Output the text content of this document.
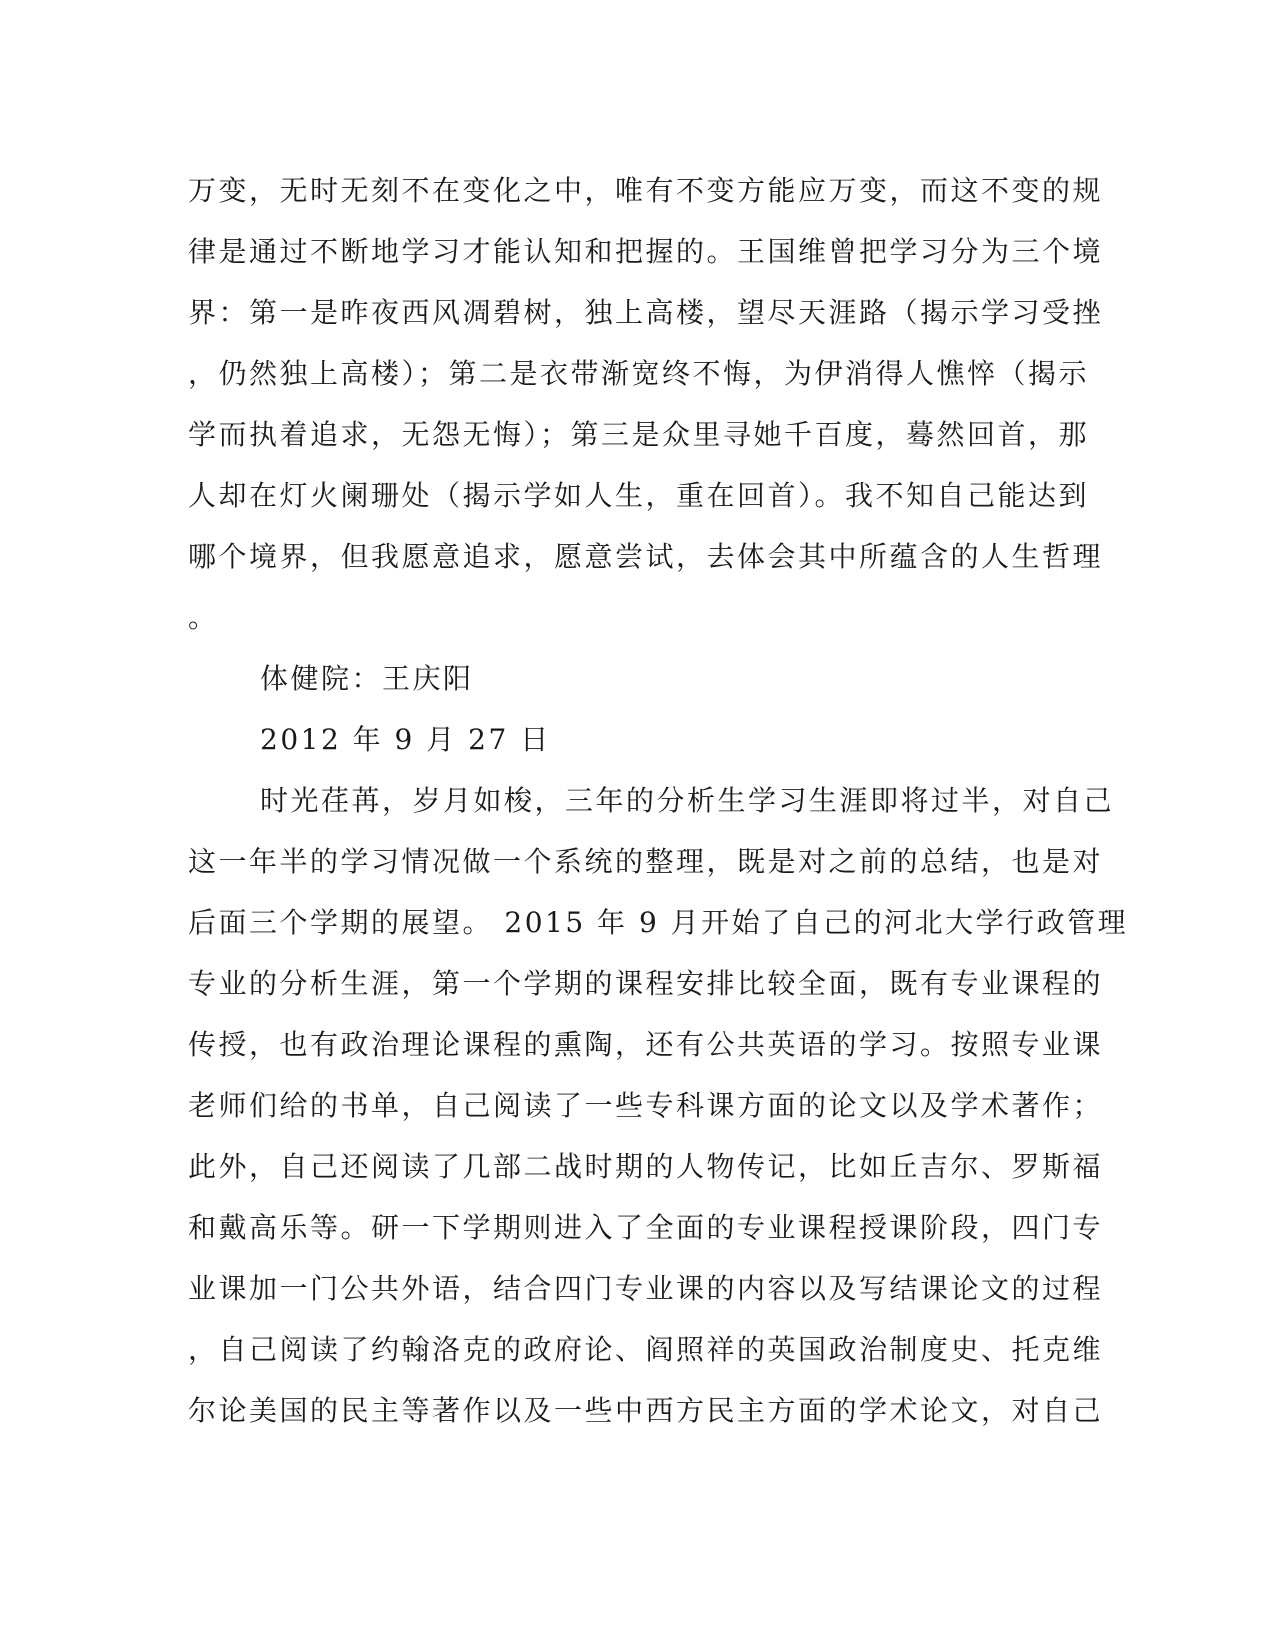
万变，无时无刻不在变化之中，唯有不变方能应万变，而这不变的规
律是通过不断地学习才能认知和把握的。王国维曾把学习分为三个境
界：第一是昨夜西风凋碧树，独上高楼，望尽天涯路（揭示学习受挫
，仍然独上高楼）；第二是衣带渐宽终不悔，为伊消得人憔悴（揭示
学而执着追求，无怨无悔）；第三是众里寻她千百度，蓦然回首，那
人却在灯火阑珊处（揭示学如人生，重在回首）。我不知自己能达到
哪个境界，但我愿意追求，愿意尝试，去体会其中所蕴含的人生哲理
。
体健院：王庆阳
2012 年 9 月 27 日
时光荏苒，岁月如梭，三年的分析生学习生涯即将过半，对自己
这一年半的学习情况做一个系统的整理，既是对之前的总结，也是对
后面三个学期的展望。 2015 年 9 月开始了自己的河北大学行政管理
专业的分析生涯，第一个学期的课程安排比较全面，既有专业课程的
传授，也有政治理论课程的熏陶，还有公共英语的学习。按照专业课
老师们给的书单，自己阅读了一些专科课方面的论文以及学术著作；
此外，自己还阅读了几部二战时期的人物传记，比如丘吉尔、罗斯福
和戴高乐等。研一下学期则进入了全面的专业课程授课阶段，四门专
业课加一门公共外语，结合四门专业课的内容以及写结课论文的过程
，自己阅读了约翰洛克的政府论、阎照祥的英国政治制度史、托克维
尔论美国的民主等著作以及一些中西方民主方面的学术论文，对自己
